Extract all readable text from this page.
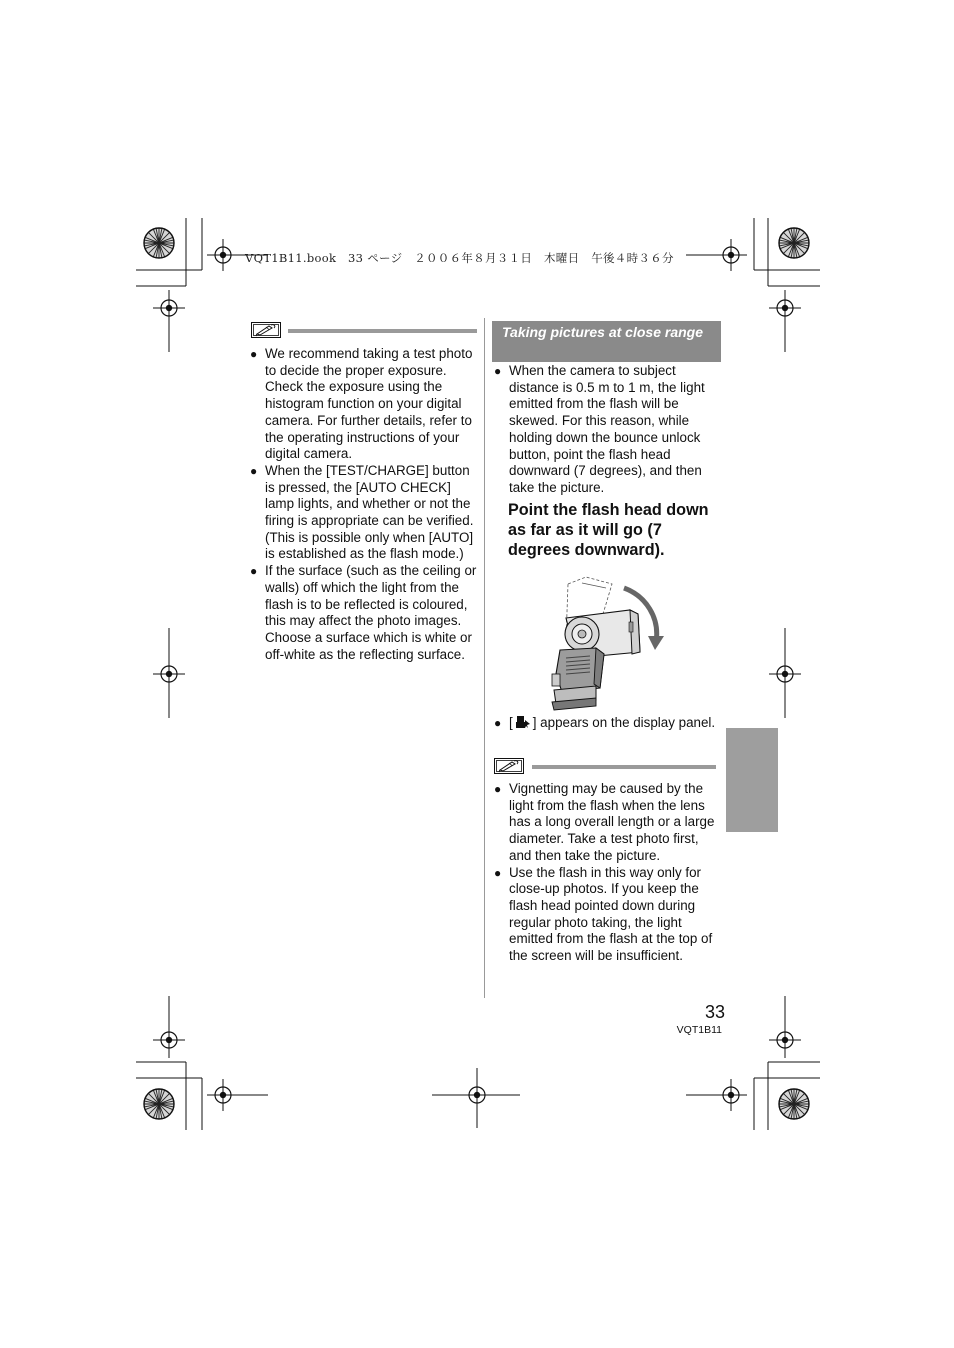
VQT1B11.book　33 ページ　２００６年８月３１日　木曜日　午後４時３６分
● We recommend taking a test photo to decide the proper exposure. Check the exposure using the histogram function on your digital camera. For further details, refer to the operating instructions of your digital camera.
● When the [TEST/CHARGE] button is pressed, the [AUTO CHECK] lamp lights, and whether or not the firing is appropriate can be verified. (This is possible only when [AUTO] is established as the flash mode.)
● If the surface (such as the ceiling or walls) off which the light from the flash is to be reflected is coloured, this may affect the photo images. Choose a surface which is white or off-white as the reflecting surface.
Taking pictures at close range
● When the camera to subject distance is 0.5 m to 1 m, the light emitted from the flash will be skewed. For this reason, while holding down the bounce unlock button, point the flash head downward (7 degrees), and then take the picture.
Point the flash head down as far as it will go (7 degrees downward).
● [ ] appears on the display panel.
● Vignetting may be caused by the light from the flash when the lens has a long overall length or a large diameter. Take a test photo first, and then take the picture.
● Use the flash in this way only for close-up photos. If you keep the flash head pointed down during regular photo taking, the light emitted from the flash at the top of the screen will be insufficient.
33
VQT1B11
